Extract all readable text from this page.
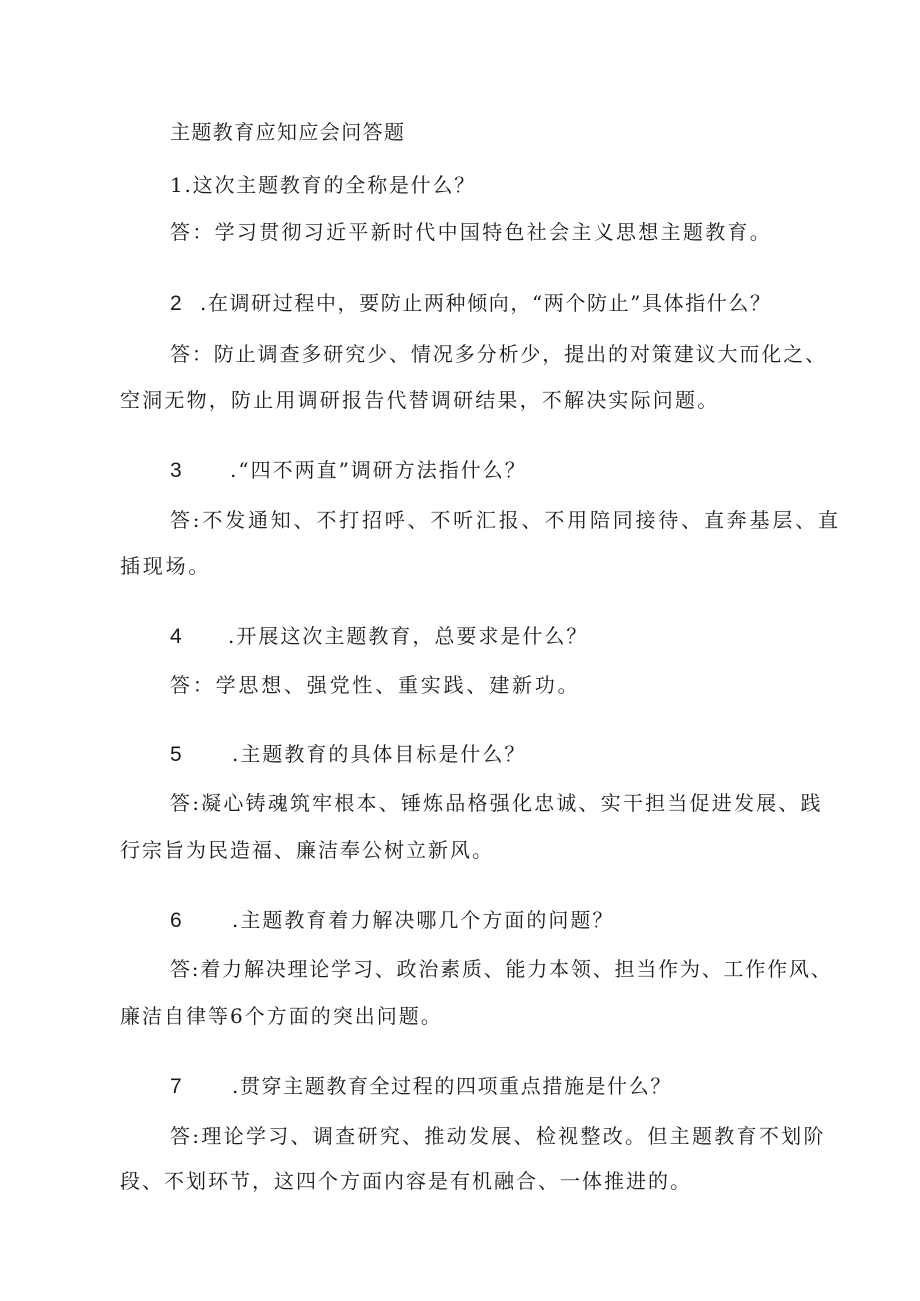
主题教育应知应会问答题
1.这次主题教育的全称是什么？
答：学习贯彻习近平新时代中国特色社会主义思想主题教育。
2 .在调研过程中，要防止两种倾向，“两个防止”具体指什么？
答：防止调查多研究少、情况多分析少，提出的对策建议大而化之、
空洞无物，防止用调研报告代替调研结果，不解决实际问题。
3 .“四不两直”调研方法指什么？
答:不发通知、不打招呼、不听汇报、不用陪同接待、直奔基层、直
插现场。
4 .开展这次主题教育，总要求是什么？
答：学思想、强党性、重实践、建新功。
5	.主题教育的具体目标是什么？
答:凝心铸魂筑牢根本、锤炼品格强化忠诚、实干担当促进发展、践
行宗旨为民造福、廉洁奉公树立新风。
6	.主题教育着力解决哪几个方面的问题？
答:着力解决理论学习、政治素质、能力本领、担当作为、工作作风、
廉洁自律等6个方面的突出问题。
7	.贯穿主题教育全过程的四项重点措施是什么？
答:理论学习、调查研究、推动发展、检视整改。但主题教育不划阶
段、不划环节，这四个方面内容是有机融合、一体推进的。
